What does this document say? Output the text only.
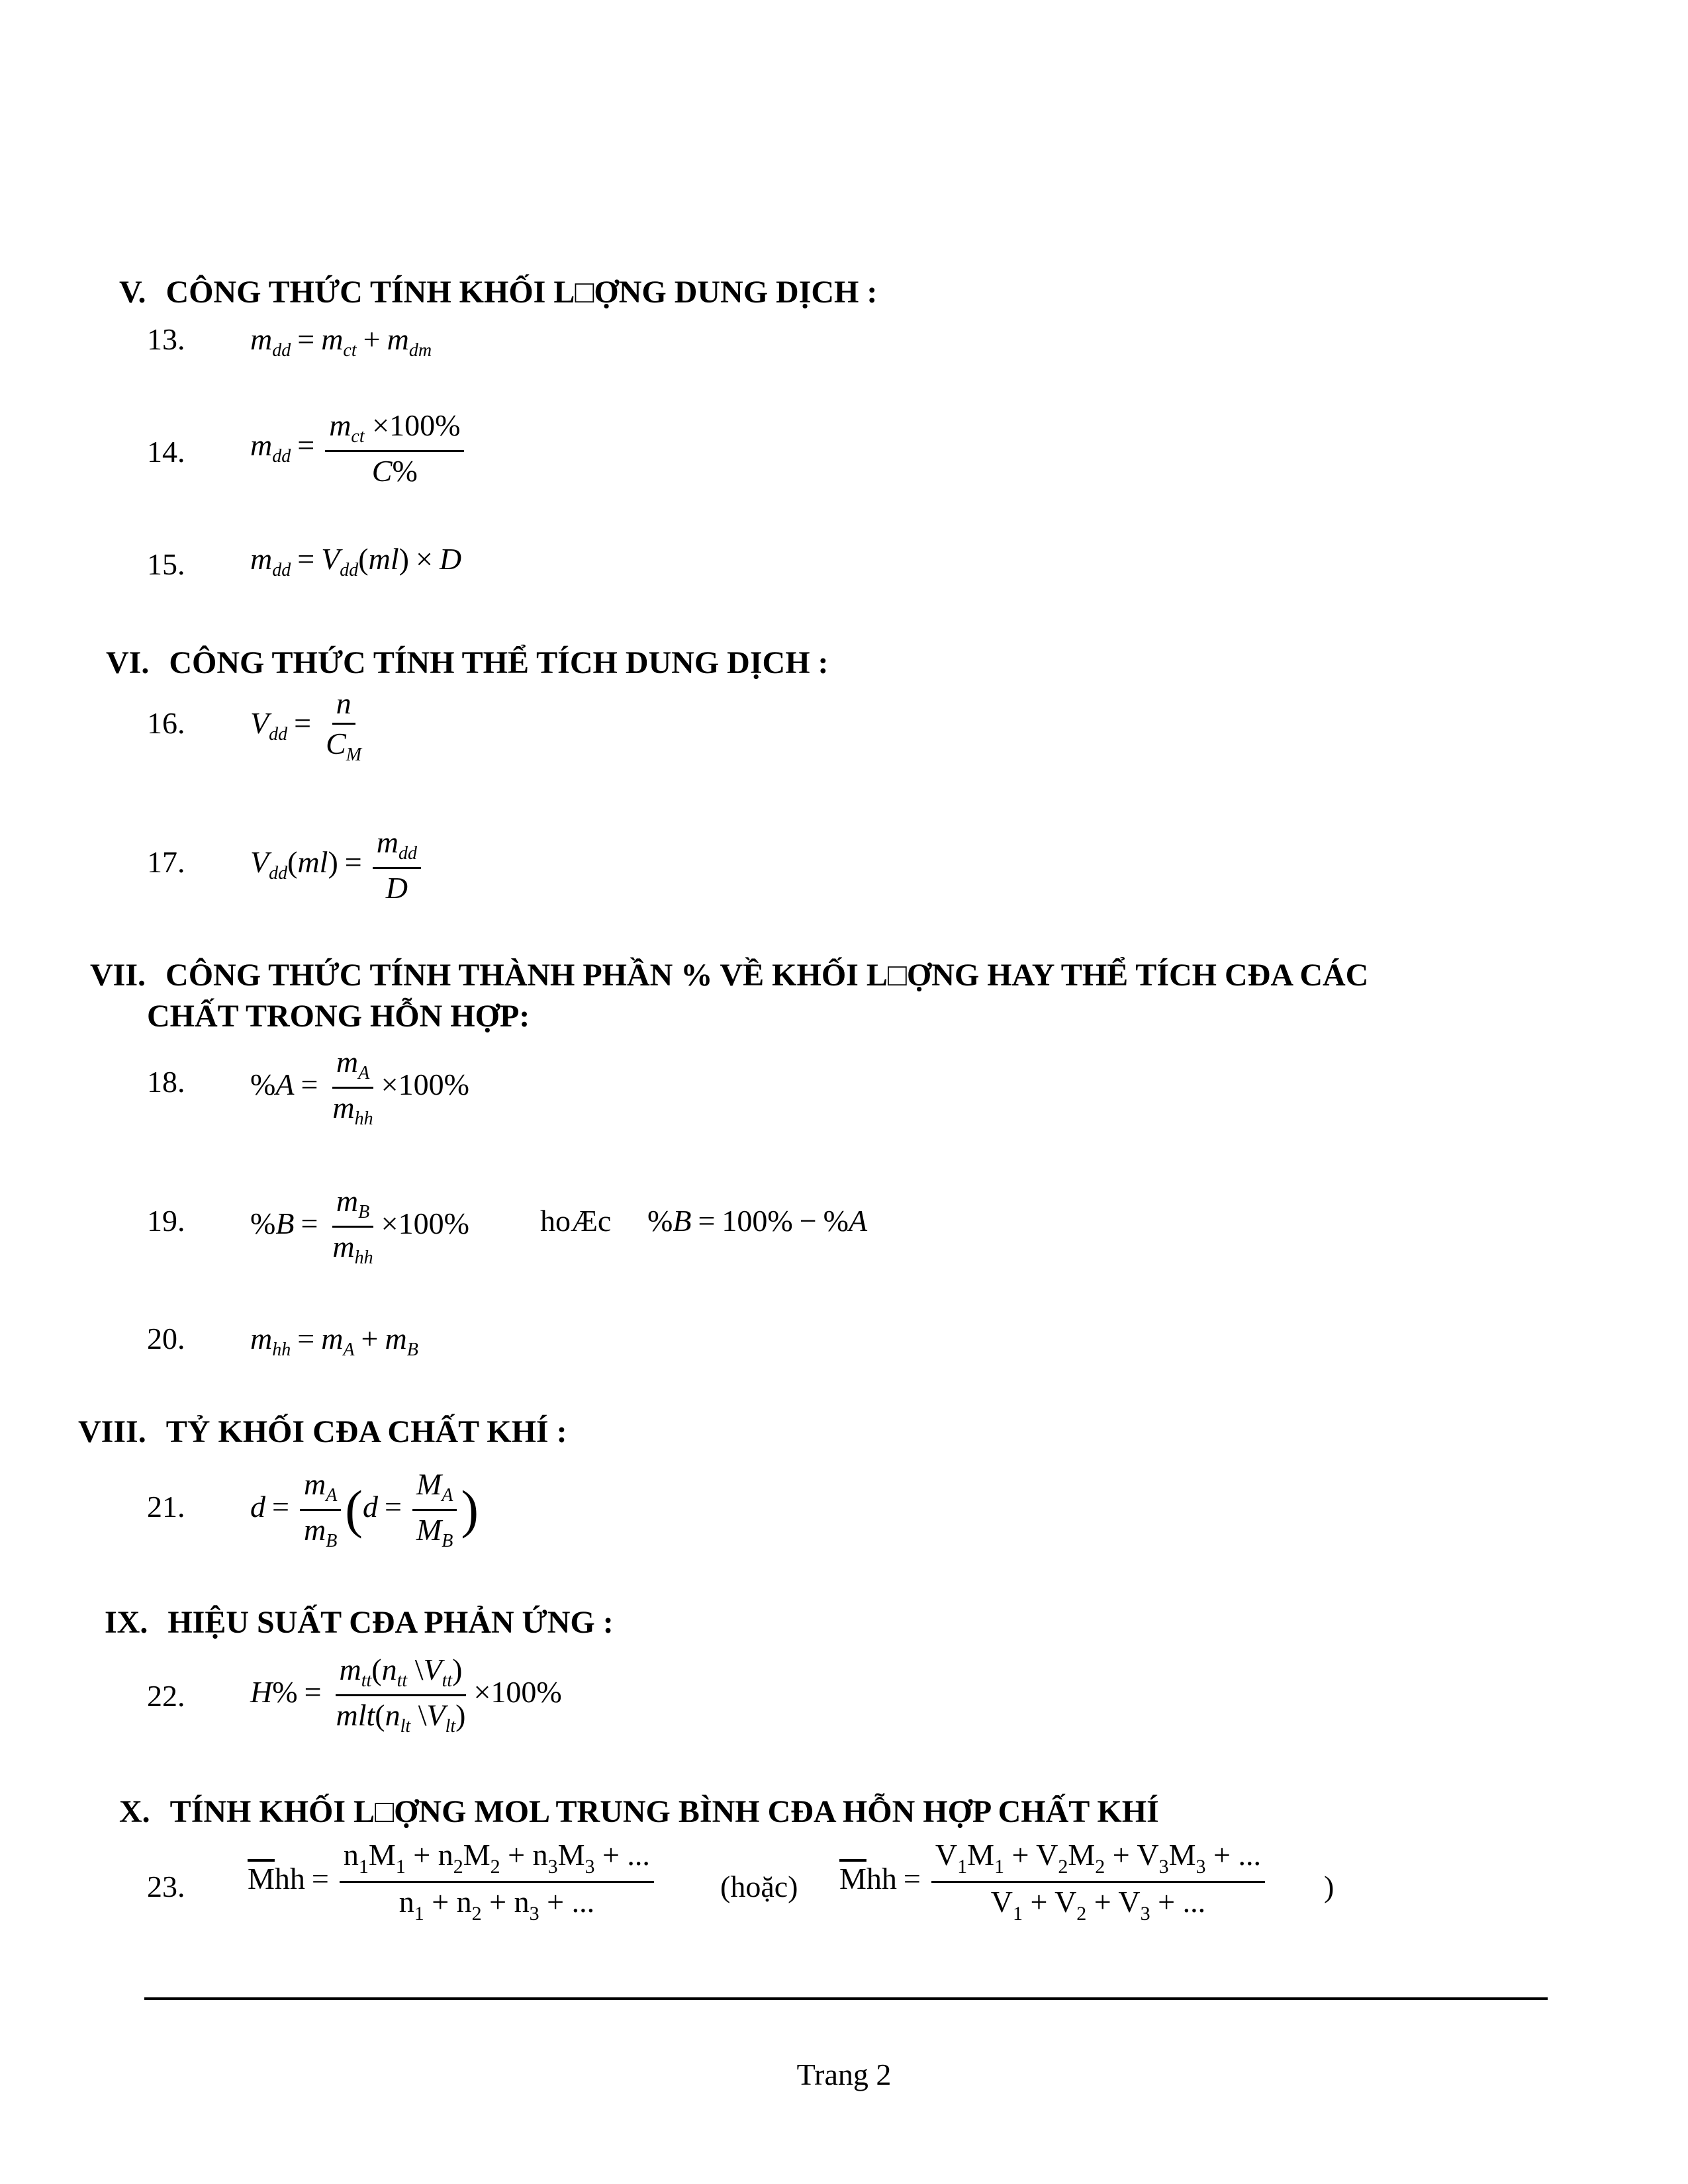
V. CÔNG THỨC TÍNH KHỐI L□ỢNG DUNG DỊCH :
13. $m_{dd} = m_{ct} + m_{dm}$
14. $m_{dd}$ =
$m_{ct} \times 100\%$
C%
15. $m_{dd} = V_{dd}(ml) \times D$
VI. CÔNG THỨC TÍNH THỂ TÍCH DUNG DỊCH :
16. $V_{dd} = \frac{n}{C_M}$
17. $V_{dd}(ml)$ =
$m_{dd}$
D
VII. CÔNG THỨC TÍNH THÀNH PHẦN % VỀ KHỐI L□ỢNG HAY THỂ TÍCH CĐA CÁC
CHẤT TRONG HỖN HỢP:
18. %A =
$m_A$
$m_{hh}$
×100%
19. %B =
$m_B$
$m_{hh}$
×100% hoÆc %B = 100% − %A
20. $m_{hh} = m_A + m_B$
VIII. TỶ KHỐI CĐA CHẤT KHÍ :
21. $d = \frac{m_A}{m_B} (d = \frac{M_A}{M_B}$ )
IX. HIỆU SUẤT CĐA PHẢN ỨNG :
22. H% =
$m_{tt}(n_{tt}$ $\backslash V_{tt}$)
$mlt(n_{lt}$ $\backslash V_{lt}$)
×100%
X. TÍNH KHỐI L□ỢNG MOL TRUNG BÌNH CĐA HỖN HỢP CHẤT KHÍ
23. $\overline{M}hh = \frac{n_1M_1 + n_2M_2 + n_3M_3 + ...}{n_1 + n_2 + n_3 + ...}$ (hoặc) $\overline{M}hh = \frac{V_1M_1 + V_2M_2 + V_3M_3 + ...}{V_1 + V_2 + V_3 + ...}$ )
Trang 2
